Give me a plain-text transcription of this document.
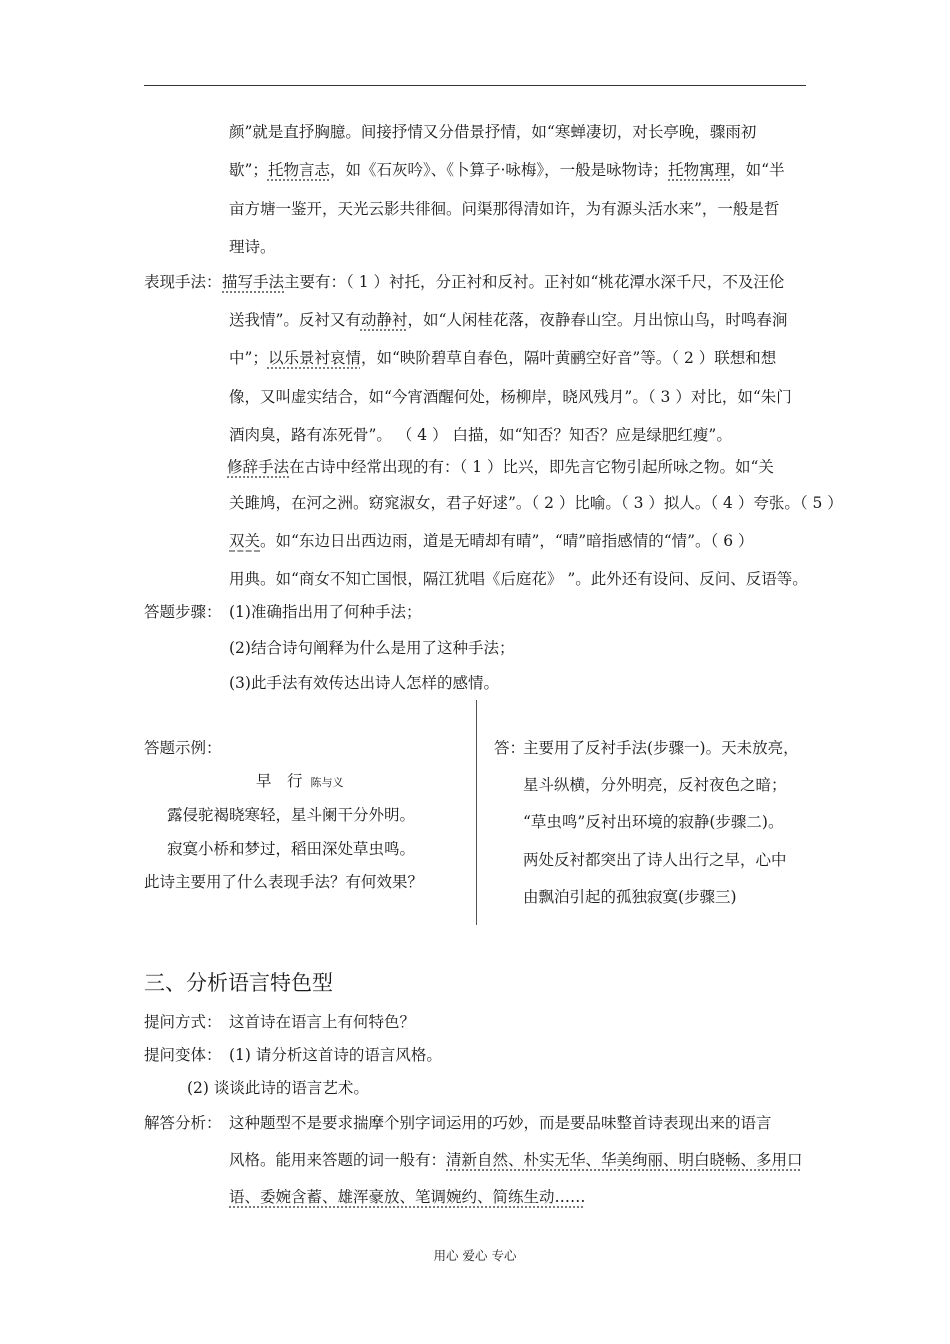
颜”就是直抒胸臆。间接抒情又分借景抒情，如“寒蝉凄切，对长亭晚，骤雨初
歇”；托物言志，如《石灰吟》、《卜算子·咏梅》，一般是咏物诗；托物寓理，如“半
亩方塘一鉴开，天光云影共徘徊。问渠那得清如许，为有源头活水来”，一般是哲
理诗。
表现手法： 描写手法主要有：（ 1 ）衬托，分正衬和反衬。正衬如“桃花潭水深千尺，不及汪伦
送我情”。反衬又有动静衬，如“人闲桂花落，夜静春山空。月出惊山鸟，时鸣春涧
中”；以乐景衬哀情，如“映阶碧草自春色，隔叶黄鹂空好音”等。（ 2 ）联想和想
像，又叫虚实结合，如“今宵酒醒何处，杨柳岸，晓风残月”。（ 3 ）对比，如“朱门
酒肉臭，路有冻死骨”。 （ 4 ） 白描，如“知否？知否？应是绿肥红瘦”。
修辞手法在古诗中经常出现的有：（ 1 ）比兴，即先言它物引起所咏之物。如“关
关雎鸠，在河之洲。窈窕淑女，君子好逑”。（ 2 ）比喻。（ 3 ）拟人。（ 4 ）夸张。（ 5 ）
双关。如“东边日出西边雨，道是无晴却有晴”，“晴”暗指感情的“情”。（ 6 ）
用典。如“商女不知亡国恨，隔江犹唱《后庭花》 ”。此外还有设问、反问、反语等。
答题步骤： (1)准确指出用了何种手法；
(2)结合诗句阐释为什么是用了这种手法；
(3)此手法有效传达出诗人怎样的感情。
答题示例：
早　行 陈与义
露侵驼褐晓寒轻，星斗阑干分外明。
寂寞小桥和梦过，稻田深处草虫鸣。
此诗主要用了什么表现手法？有何效果？
答：
主要用了反衬手法(步骤一)。天未放亮，
星斗纵横，分外明亮，反衬夜色之暗；
“草虫鸣”反衬出环境的寂静(步骤二)。
两处反衬都突出了诗人出行之早，心中
由飘泊引起的孤独寂寞(步骤三)
三、分析语言特色型
提问方式： 这首诗在语言上有何特色？
提问变体： (1) 请分析这首诗的语言风格。
(2) 谈谈此诗的语言艺术。
解答分析： 这种题型不是要求揣摩个别字词运用的巧妙，而是要品味整首诗表现出来的语言
风格。能用来答题的词一般有：清新自然、朴实无华、华美绚丽、明白晓畅、多用口
语、委婉含蓄、雄浑豪放、笔调婉约、简练生动……
用心 爱心 专心
